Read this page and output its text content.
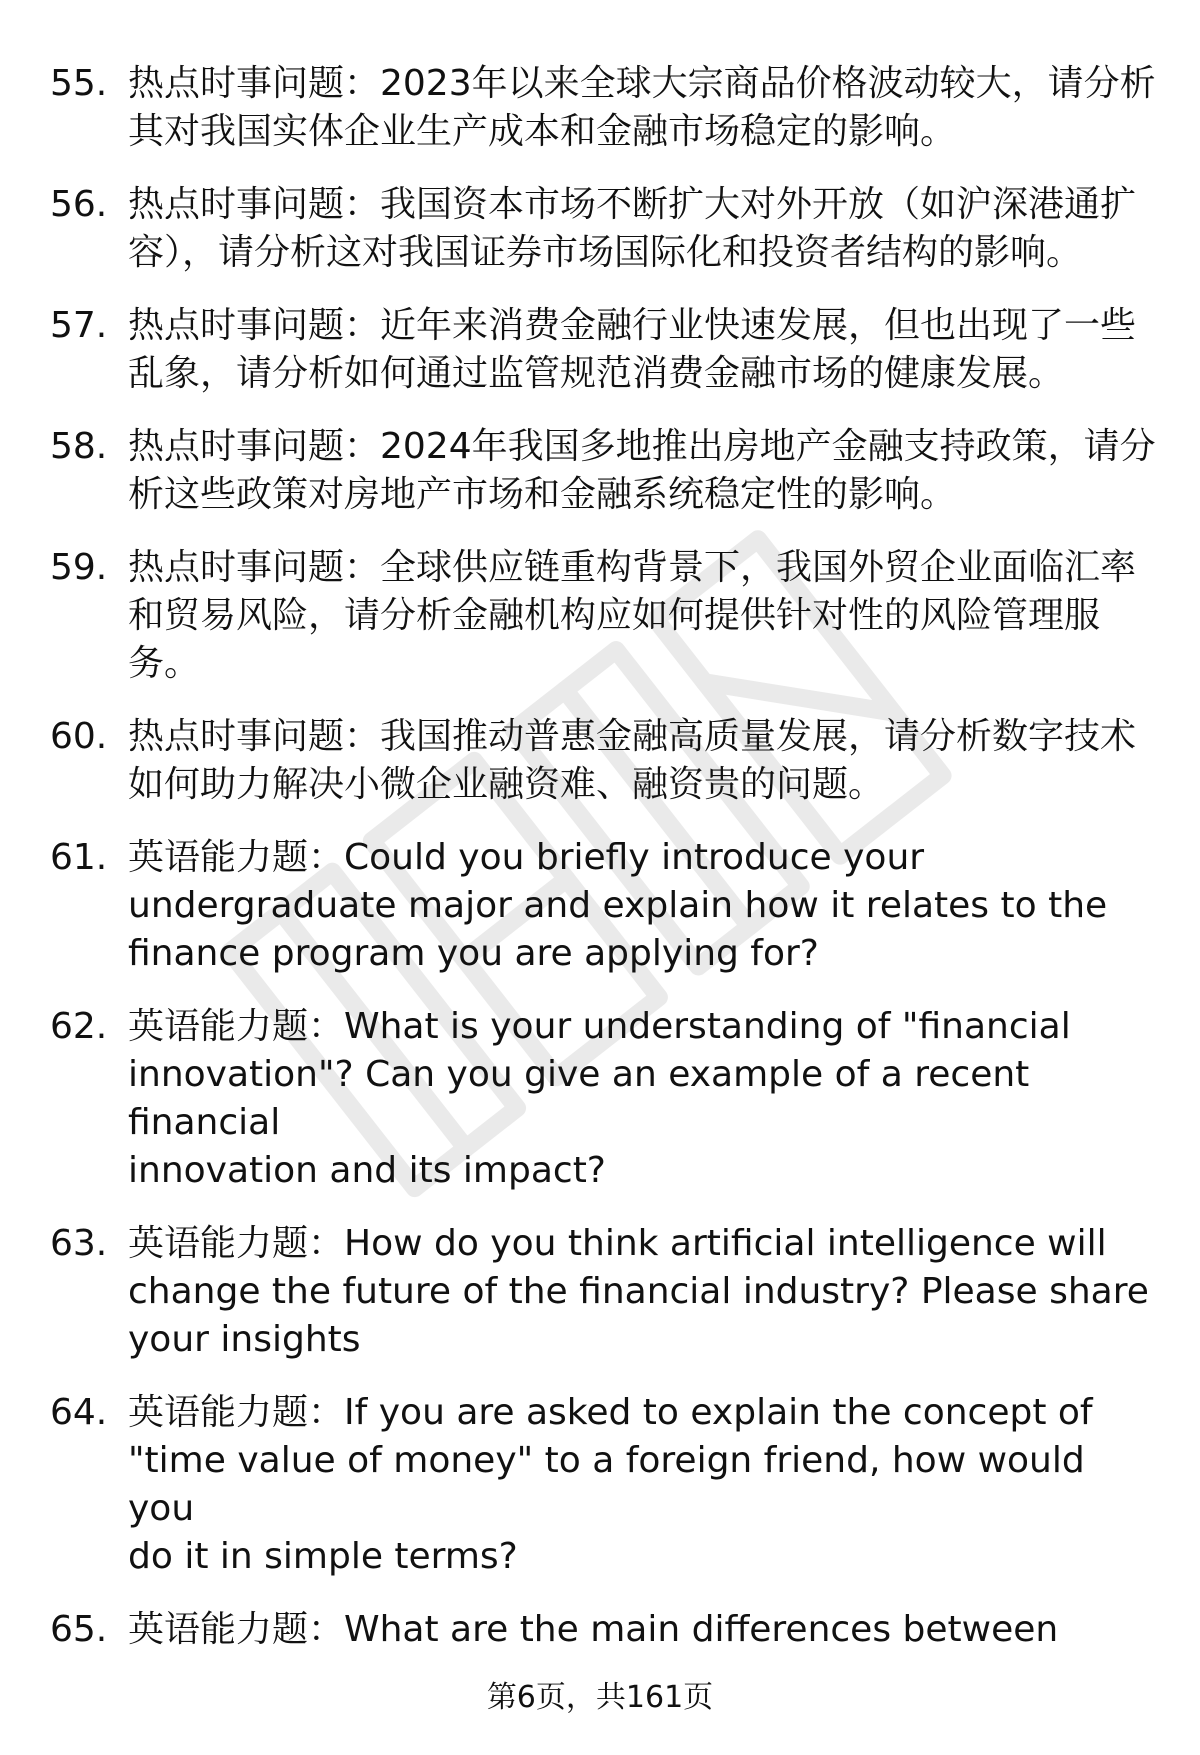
55. 热点时事问题：2023年以来全球大宗商品价格波动较大，请分析
其对我国实体企业生产成本和金融市场稳定的影响。
56. 热点时事问题：我国资本市场不断扩大对外开放（如沪深港通扩
容），请分析这对我国证券市场国际化和投资者结构的影响。
57. 热点时事问题：近年来消费金融行业快速发展，但也出现了一些
乱象，请分析如何通过监管规范消费金融市场的健康发展。
58. 热点时事问题：2024年我国多地推出房地产金融支持政策，请分
析这些政策对房地产市场和金融系统稳定性的影响。
59. 热点时事问题：全球供应链重构背景下，我国外贸企业面临汇率
和贸易风险，请分析金融机构应如何提供针对性的风险管理服
务。
60. 热点时事问题：我国推动普惠金融高质量发展，请分析数字技术
如何助力解决小微企业融资难、融资贵的问题。
61. 英语能力题：Could you briefly introduce your
undergraduate major and explain how it relates to the
finance program you are applying for?
62. 英语能力题：What is your understanding of "financial
innovation"? Can you give an example of a recent financial
innovation and its impact?
63. 英语能力题：How do you think artificial intelligence will
change the future of the financial industry? Please share
your insights
64. 英语能力题：If you are asked to explain the concept of
"time value of money" to a foreign friend, how would you
do it in simple terms?
65. 英语能力题：What are the main differences between
第6页，共161页
